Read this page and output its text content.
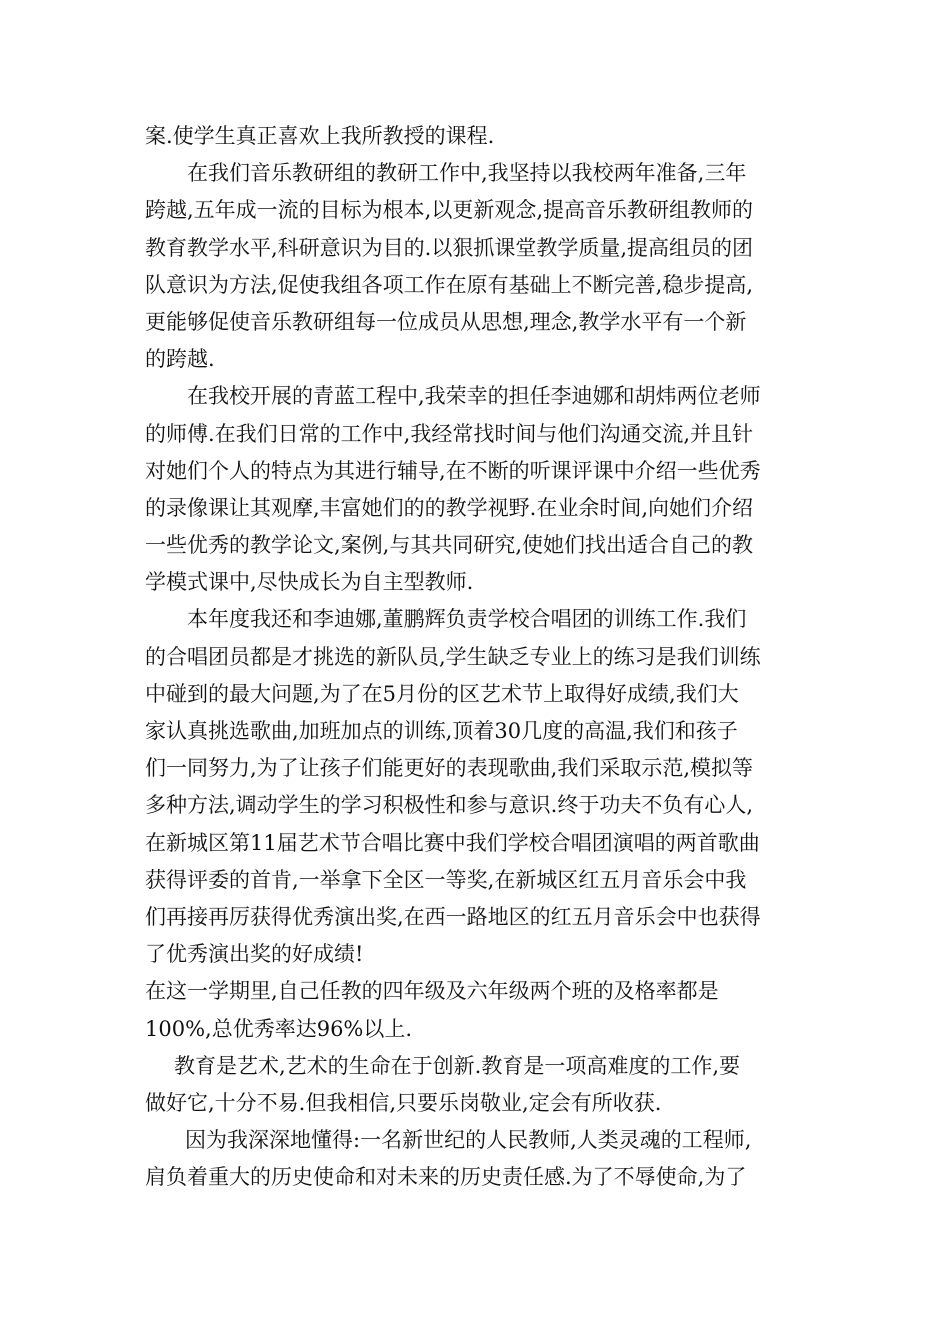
案.使学生真正喜欢上我所教授的课程.
在我们音乐教研组的教研工作中,我坚持以我校两年准备,三年
跨越,五年成一流的目标为根本,以更新观念,提高音乐教研组教师的
教育教学水平,科研意识为目的.以狠抓课堂教学质量,提高组员的团
队意识为方法,促使我组各项工作在原有基础上不断完善,稳步提高,
更能够促使音乐教研组每一位成员从思想,理念,教学水平有一个新
的跨越.
在我校开展的青蓝工程中,我荣幸的担任李迪娜和胡炜两位老师
的师傅.在我们日常的工作中,我经常找时间与他们沟通交流,并且针
对她们个人的特点为其进行辅导,在不断的听课评课中介绍一些优秀
的录像课让其观摩,丰富她们的的教学视野.在业余时间,向她们介绍
一些优秀的教学论文,案例,与其共同研究,使她们找出适合自己的教
学模式课中,尽快成长为自主型教师.
本年度我还和李迪娜,董鹏辉负责学校合唱团的训练工作.我们
的合唱团员都是才挑选的新队员,学生缺乏专业上的练习是我们训练
中碰到的最大问题,为了在5月份的区艺术节上取得好成绩,我们大
家认真挑选歌曲,加班加点的训练,顶着30几度的高温,我们和孩子
们一同努力,为了让孩子们能更好的表现歌曲,我们采取示范,模拟等
多种方法,调动学生的学习积极性和参与意识.终于功夫不负有心人,
在新城区第11届艺术节合唱比赛中我们学校合唱团演唱的两首歌曲
获得评委的首肯,一举拿下全区一等奖,在新城区红五月音乐会中我
们再接再厉获得优秀演出奖,在西一路地区的红五月音乐会中也获得
了优秀演出奖的好成绩!
在这一学期里,自己任教的四年级及六年级两个班的及格率都是
100%,总优秀率达96%以上.
教育是艺术,艺术的生命在于创新.教育是一项高难度的工作,要
做好它,十分不易.但我相信,只要乐岗敬业,定会有所收获.
因为我深深地懂得:一名新世纪的人民教师,人类灵魂的工程师,
肩负着重大的历史使命和对未来的历史责任感.为了不辱使命,为了
